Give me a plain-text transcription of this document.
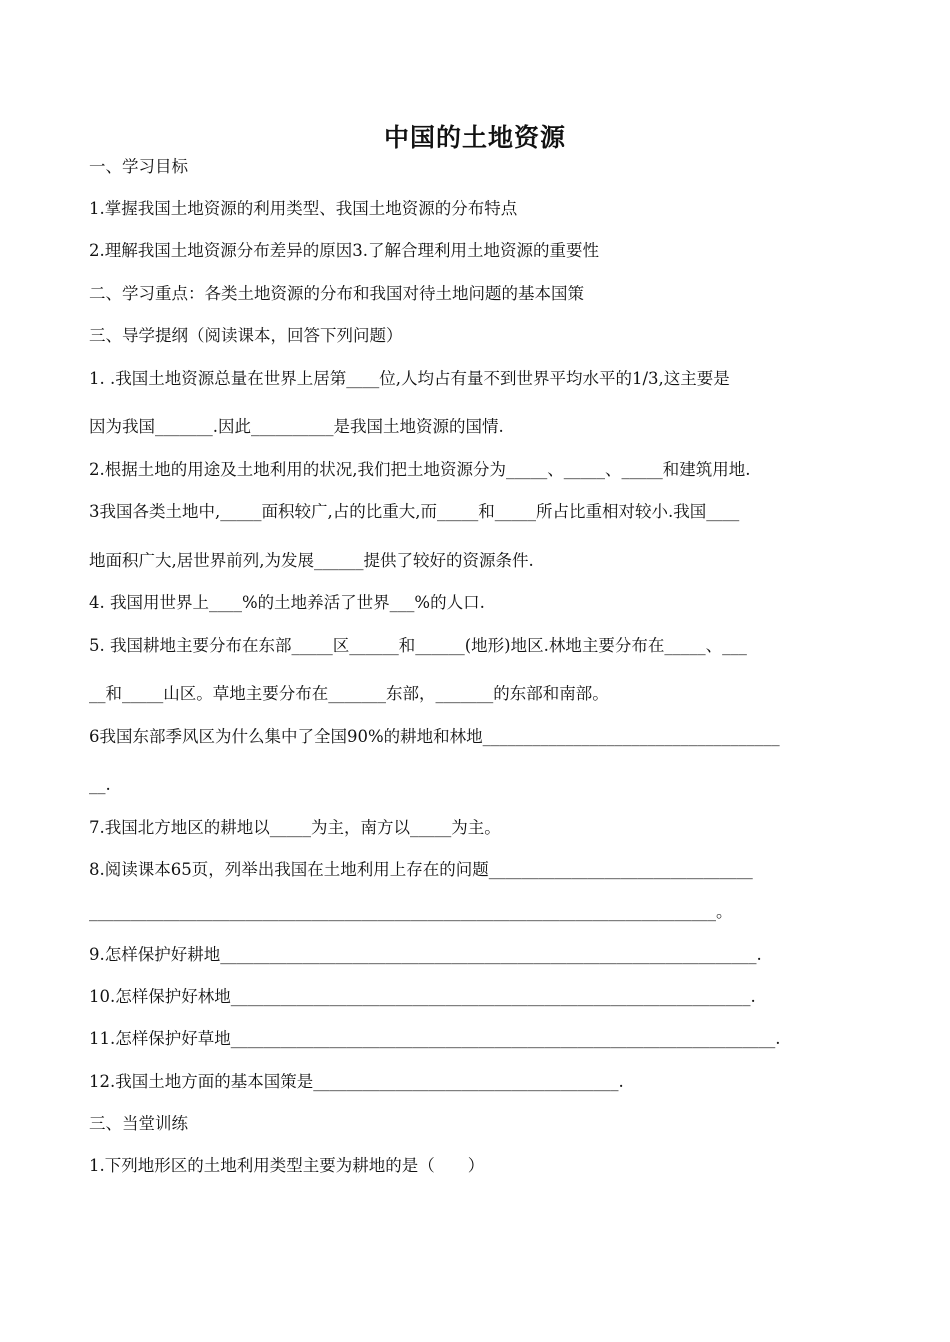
中国的土地资源
一、学习目标
1.掌握我国土地资源的利用类型、我国土地资源的分布特点
2.理解我国土地资源分布差异的原因3.了解合理利用土地资源的重要性
二、学习重点：各类土地资源的分布和我国对待土地问题的基本国策
三、导学提纲（阅读课本，回答下列问题）
1. .我国土地资源总量在世界上居第____位,人均占有量不到世界平均水平的1/3,这主要是
因为我国_______.因此__________是我国土地资源的国情.
2.根据土地的用途及土地利用的状况,我们把土地资源分为_____、_____、_____和建筑用地.
3我国各类土地中,_____面积较广,占的比重大,而_____和_____所占比重相对较小.我国____
地面积广大,居世界前列,为发展______提供了较好的资源条件.
4. 我国用世界上____%的土地养活了世界___%的人口.
5. 我国耕地主要分布在东部_____区______和______(地形)地区.林地主要分布在_____、___
__和_____山区。草地主要分布在_______东部，_______的东部和南部。
6我国东部季风区为什么集中了全国90%的耕地和林地____________________________________
__.
7.我国北方地区的耕地以_____为主，南方以_____为主。
8.阅读课本65页，列举出我国在土地利用上存在的问题________________________________
____________________________________________________________________________。
9.怎样保护好耕地_________________________________________________________________.
10.怎样保护好林地_______________________________________________________________.
11.怎样保护好草地__________________________________________________________________.
12.我国土地方面的基本国策是_____________________________________.
三、当堂训练
1.下列地形区的土地利用类型主要为耕地的是（　　）
